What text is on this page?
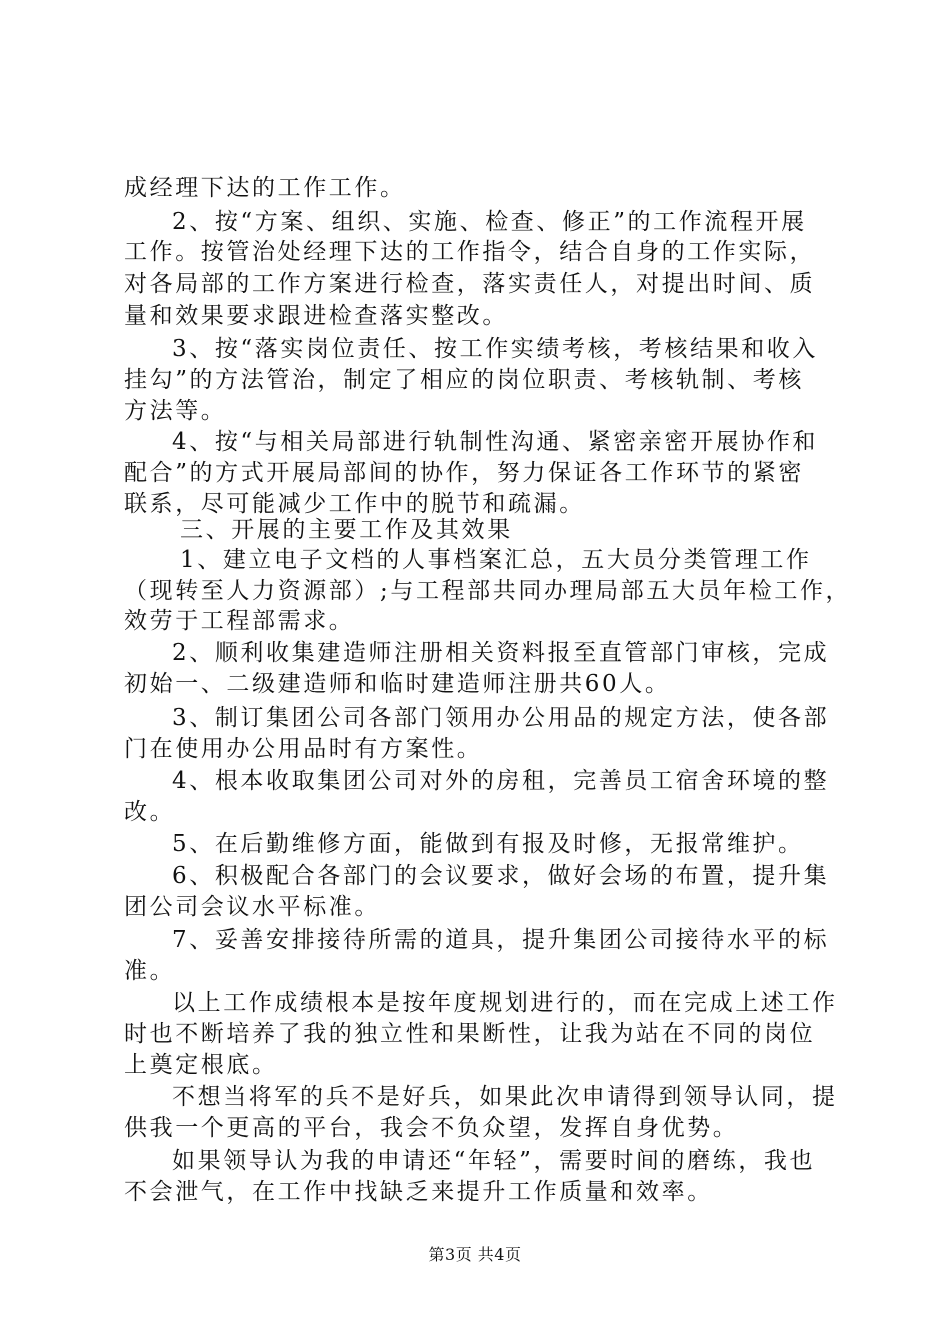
成经理下达的工作工作。
2、按“方案、组织、实施、检查、修正”的工作流程开展
工作。按管治处经理下达的工作指令，结合自身的工作实际，
对各局部的工作方案进行检查，落实责任人，对提出时间、质
量和效果要求跟进检查落实整改。
3、按“落实岗位责任、按工作实绩考核，考核结果和收入
挂勾”的方法管治，制定了相应的岗位职责、考核轨制、考核
方法等。
4、按“与相关局部进行轨制性沟通、紧密亲密开展协作和
配合”的方式开展局部间的协作，努力保证各工作环节的紧密
联系，尽可能减少工作中的脱节和疏漏。
三、开展的主要工作及其效果
1、建立电子文档的人事档案汇总，五大员分类管理工作
（现转至人力资源部）;与工程部共同办理局部五大员年检工作，
效劳于工程部需求。
2、顺利收集建造师注册相关资料报至直管部门审核，完成
初始一、二级建造师和临时建造师注册共60人。
3、制订集团公司各部门领用办公用品的规定方法，使各部
门在使用办公用品时有方案性。
4、根本收取集团公司对外的房租，完善员工宿舍环境的整
改。
5、在后勤维修方面，能做到有报及时修，无报常维护。
6、积极配合各部门的会议要求，做好会场的布置，提升集
团公司会议水平标准。
7、妥善安排接待所需的道具，提升集团公司接待水平的标
准。
以上工作成绩根本是按年度规划进行的，而在完成上述工作
时也不断培养了我的独立性和果断性，让我为站在不同的岗位
上奠定根底。
不想当将军的兵不是好兵，如果此次申请得到领导认同，提
供我一个更高的平台，我会不负众望，发挥自身优势。
如果领导认为我的申请还“年轻”，需要时间的磨练，我也
不会泄气，在工作中找缺乏来提升工作质量和效率。
第3页 共4页
